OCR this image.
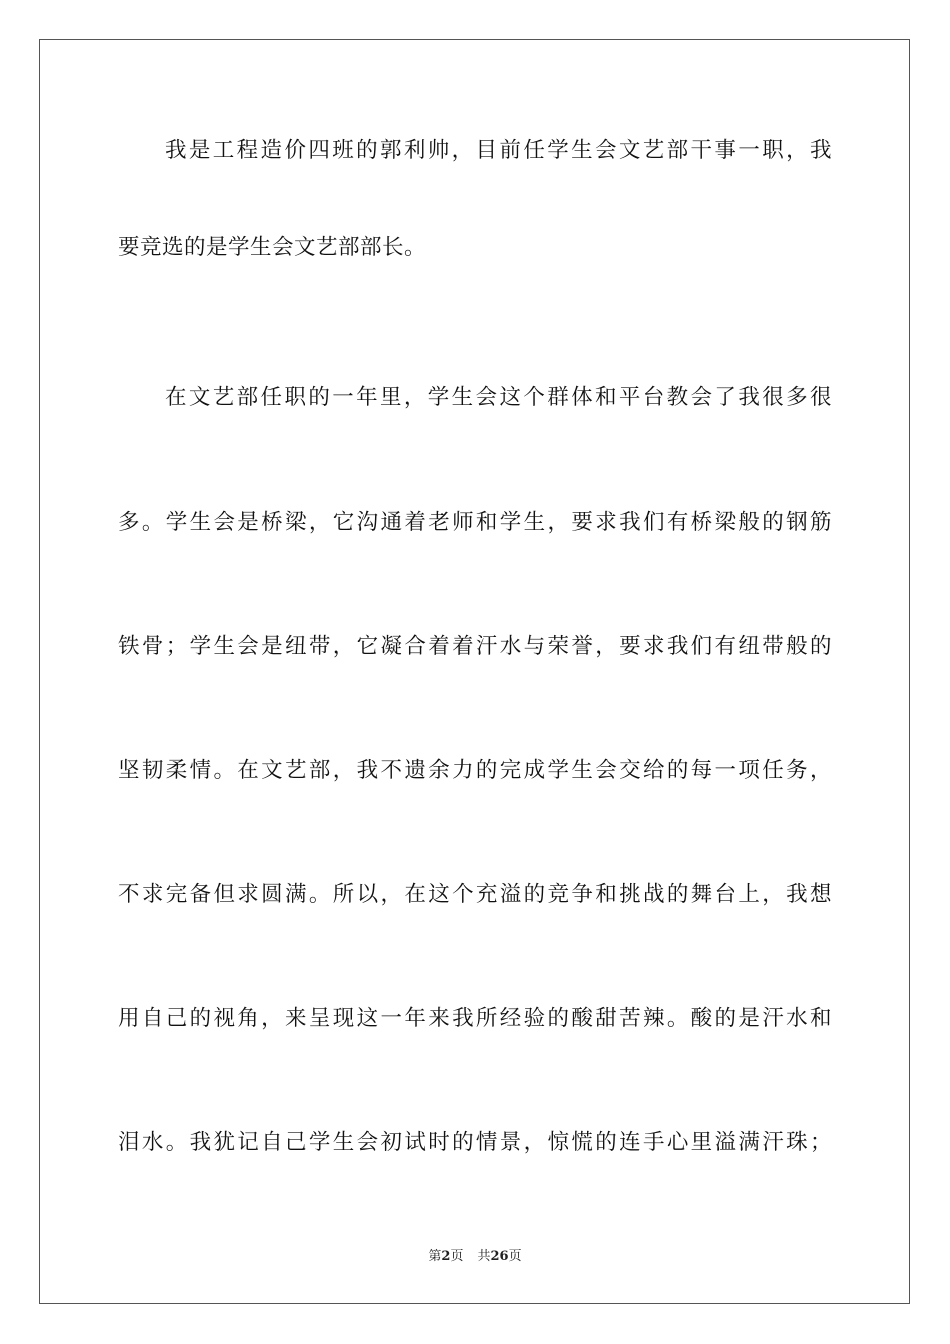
我是工程造价四班的郭利帅，目前任学生会文艺部干事一职，我
要竞选的是学生会文艺部部长。
在文艺部任职的一年里，学生会这个群体和平台教会了我很多很
多。学生会是桥梁，它沟通着老师和学生，要求我们有桥梁般的钢筋
铁骨；学生会是纽带，它凝合着着汗水与荣誉，要求我们有纽带般的
坚韧柔情。在文艺部，我不遗余力的完成学生会交给的每一项任务，
不求完备但求圆满。所以，在这个充溢的竞争和挑战的舞台上，我想
用自己的视角，来呈现这一年来我所经验的酸甜苦辣。酸的是汗水和
泪水。我犹记自己学生会初试时的情景，惊慌的连手心里溢满汗珠；
第2页 共26页
